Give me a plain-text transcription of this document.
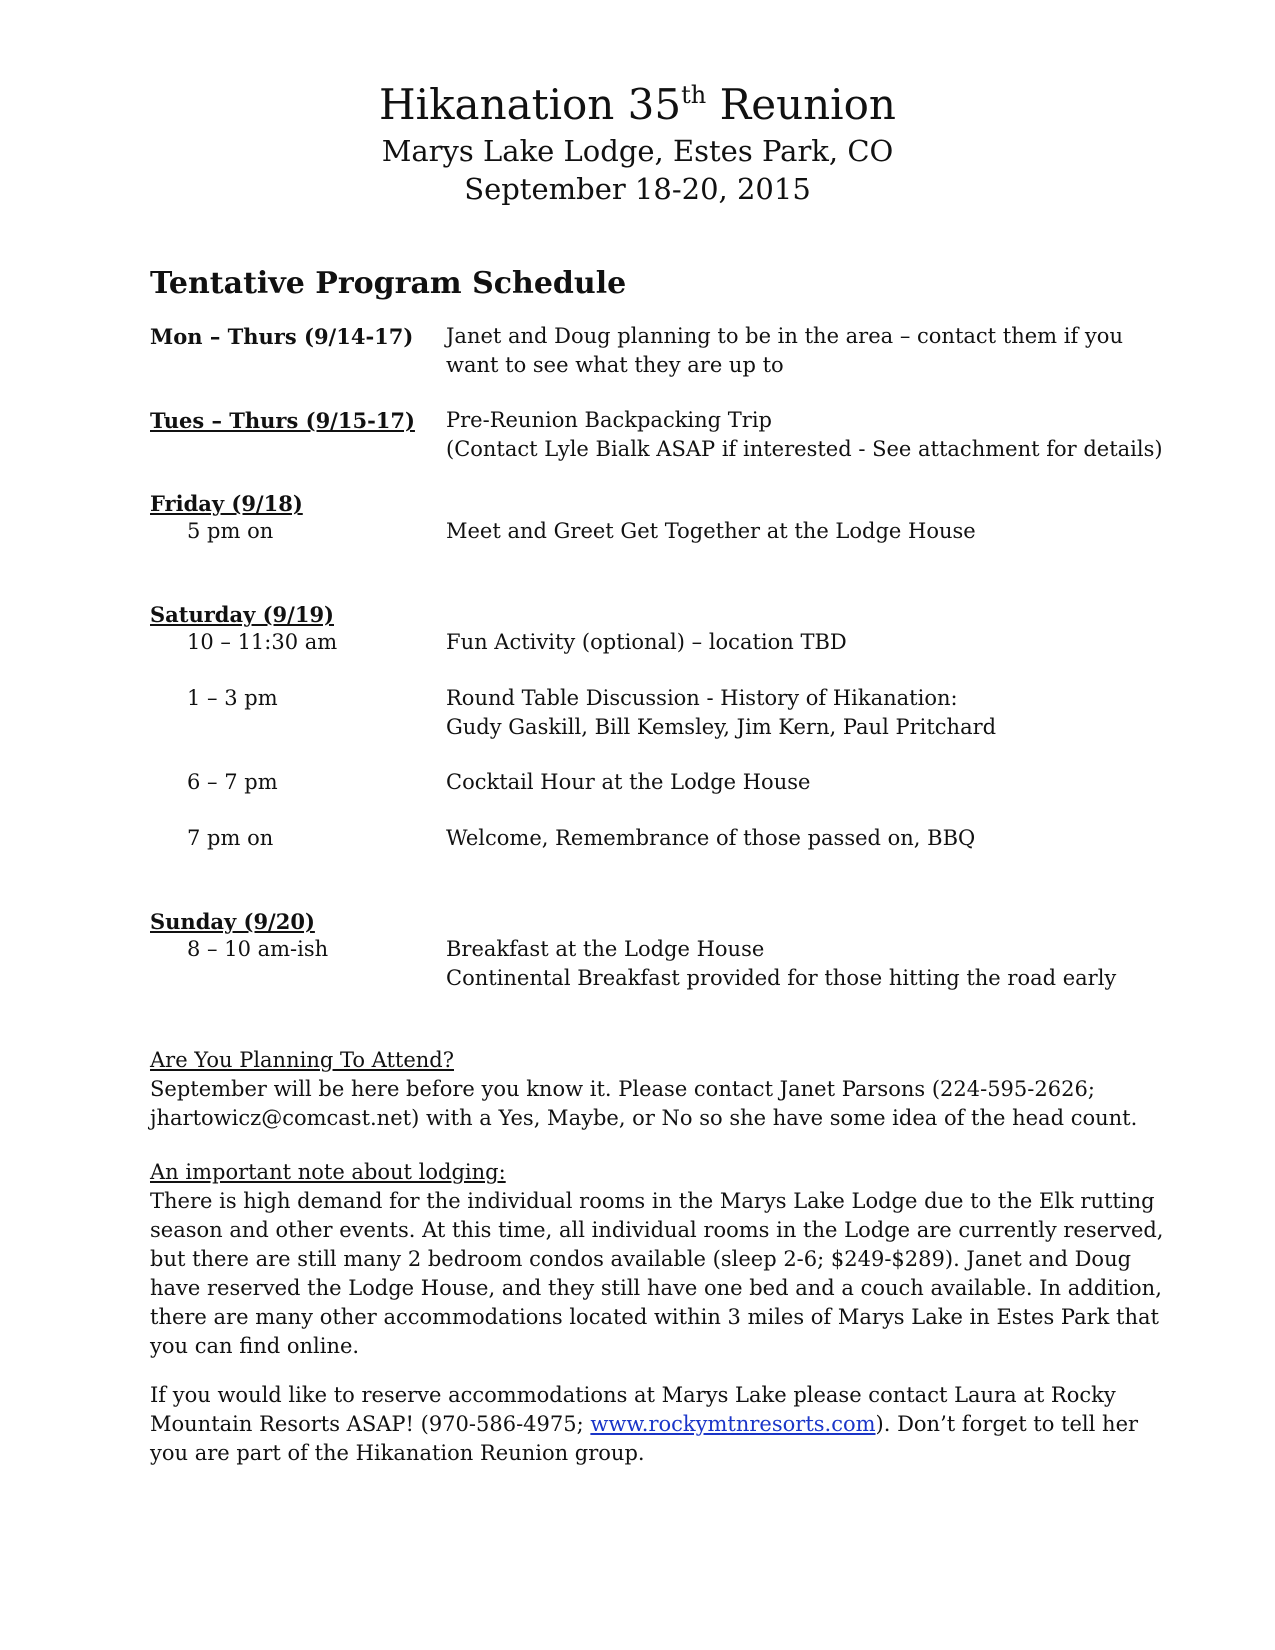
Hikanation 35th Reunion

Marys Lake Lodge, Estes Park, CO

September 18-20, 2015

Tentative Program Schedule

Mon – Thurs (9/14-17)	Janet and Doug planning to be in the area – contact them if you
want to see what they are up to
Tues – Thurs (9/15-17)	Pre-Reunion Backpacking Trip
(Contact Lyle Bialk ASAP if interested - See attachment for details)
Friday (9/18)
5 pm on	Meet and Greet Get Together at the Lodge House
Saturday (9/19)
10 – 11:30 am	Fun Activity (optional) – location TBD
1 – 3 pm	Round Table Discussion - History of Hikanation:
Gudy Gaskill, Bill Kemsley, Jim Kern, Paul Pritchard
6 – 7 pm	Cocktail Hour at the Lodge House
7 pm on	Welcome, Remembrance of those passed on, BBQ
Sunday (9/20)
8 – 10 am-ish	Breakfast at the Lodge House
Continental Breakfast provided for those hitting the road early
Are You Planning To Attend?
September will be here before you know it. Please contact Janet Parsons (224-595-2626;
jhartowicz@comcast.net) with a Yes, Maybe, or No so she have some idea of the head count.
An important note about lodging:
There is high demand for the individual rooms in the Marys Lake Lodge due to the Elk rutting
season and other events. At this time, all individual rooms in the Lodge are currently reserved,
but there are still many 2 bedroom condos available (sleep 2-6; $249-$289). Janet and Doug
have reserved the Lodge House, and they still have one bed and a couch available. In addition,
there are many other accommodations located within 3 miles of Marys Lake in Estes Park that
you can find online.
If you would like to reserve accommodations at Marys Lake please contact Laura at Rocky
Mountain Resorts ASAP! (970-586-4975; www.rockymtnresorts.com). Don’t forget to tell her
you are part of the Hikanation Reunion group.
